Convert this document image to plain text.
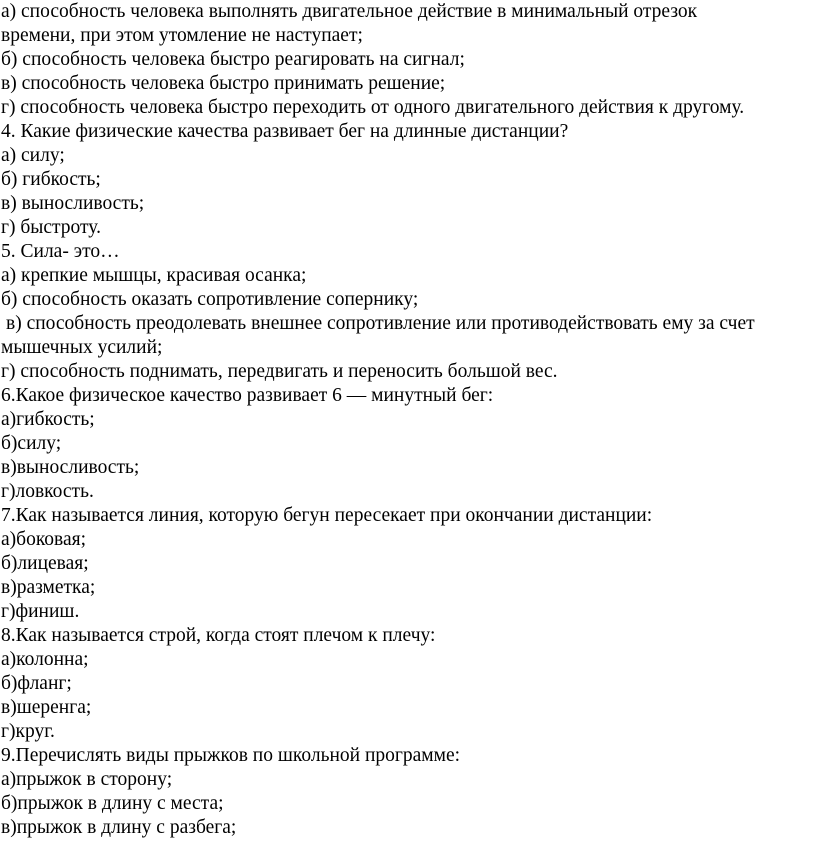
а) способность человека выполнять двигательное действие в минимальный отрезок
времени, при этом утомление не наступает;
б) способность человека быстро реагировать на сигнал;
в) способность человека быстро принимать решение;
г) способность человека быстро переходить от одного двигательного действия к другому.
4. Какие физические качества развивает бег на длинные дистанции?
а) силу;
б) гибкость;
в) выносливость;
г) быстроту.
5. Сила- это…
а) крепкие мышцы, красивая осанка;
б) способность оказать сопротивление сопернику;
в) способность преодолевать внешнее сопротивление или противодействовать ему за счет
мышечных усилий;
г) способность поднимать, передвигать и переносить большой вес.
6.Какое физическое качество развивает 6 — минутный бег:
а)гибкость;
б)силу;
в)выносливость;
г)ловкость.
7.Как называется линия, которую бегун пересекает при окончании дистанции:
а)боковая;
б)лицевая;
в)разметка;
г)финиш.
8.Как называется строй, когда стоят плечом к плечу:
а)колонна;
б)фланг;
в)шеренга;
г)круг.
9.Перечислять виды прыжков по школьной программе:
а)прыжок в сторону;
б)прыжок в длину с места;
в)прыжок в длину с разбега;
